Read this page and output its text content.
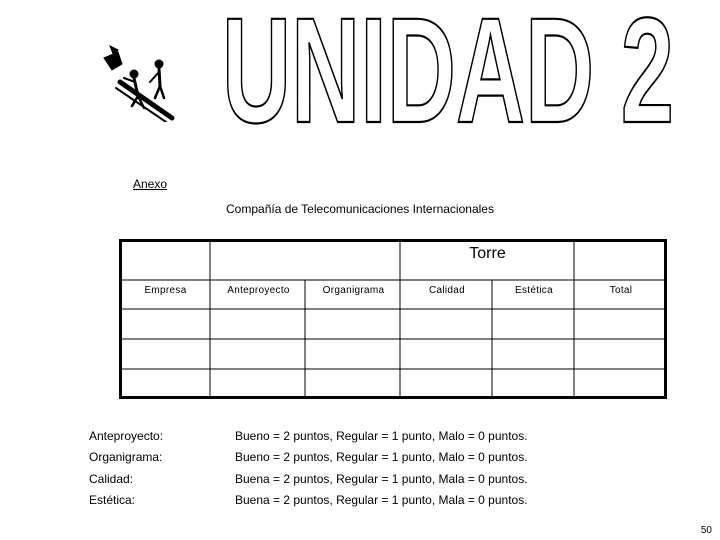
UNIDAD 2
Anexo
Compañía de Telecomunicaciones Internacionales
Torre
Empresa	Anteproyecto	Organigrama	Calidad	Estética	Total
Anteproyecto:	Bueno = 2 puntos, Regular = 1 punto, Malo = 0 puntos.
Organigrama:	Bueno = 2 puntos, Regular = 1 punto, Malo = 0 puntos.
Calidad:	Buena = 2 puntos, Regular = 1 punto, Mala = 0 puntos.
Estética:	Buena = 2 puntos, Regular = 1 punto, Mala = 0 puntos.
50
